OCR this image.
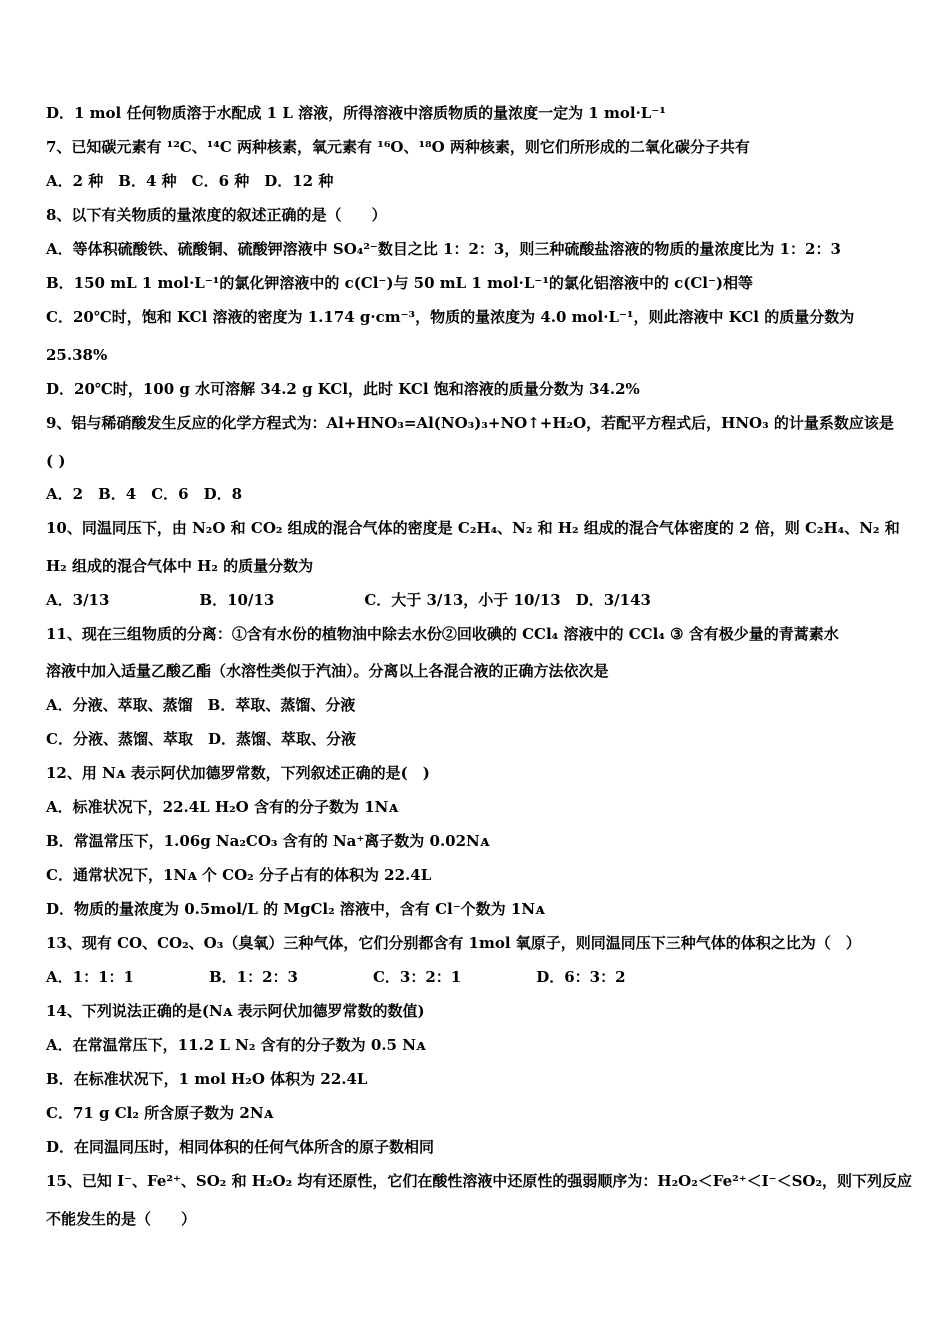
D．1 mol 任何物质溶于水配成 1 L 溶液，所得溶液中溶质物质的量浓度一定为 1 mol·L⁻¹
7、已知碳元素有 ¹²C、¹⁴C 两种核素，氧元素有 ¹⁶O、¹⁸O 两种核素，则它们所形成的二氧化碳分子共有
A．2 种　B．4 种　C．6 种　D．12 种
8、以下有关物质的量浓度的叙述正确的是（　　）
A．等体积硫酸铁、硫酸铜、硫酸钾溶液中 SO₄²⁻数目之比 1：2：3，则三种硫酸盐溶液的物质的量浓度比为 1：2：3
B．150 mL 1 mol·L⁻¹的氯化钾溶液中的 c(Cl⁻)与 50 mL 1 mol·L⁻¹的氯化铝溶液中的 c(Cl⁻)相等
C．20℃时，饱和 KCl 溶液的密度为 1.174 g·cm⁻³，物质的量浓度为 4.0 mol·L⁻¹，则此溶液中 KCl 的质量分数为
25.38%
D．20℃时，100 g 水可溶解 34.2 g KCl，此时 KCl 饱和溶液的质量分数为 34.2%
9、铝与稀硝酸发生反应的化学方程式为：Al+HNO₃=Al(NO₃)₃+NO↑+H₂O，若配平方程式后，HNO₃ 的计量系数应该是
( )
A．2　B．4　C．6　D．8
10、同温同压下，由 N₂O 和 CO₂ 组成的混合气体的密度是 C₂H₄、N₂ 和 H₂ 组成的混合气体密度的 2 倍，则 C₂H₄、N₂ 和
H₂ 组成的混合气体中 H₂ 的质量分数为
A．3/13　　　　　　B．10/13　　　　　　C．大于 3/13，小于 10/13　D．3/143
11、现在三组物质的分离：①含有水份的植物油中除去水份②回收碘的 CCl₄ 溶液中的 CCl₄ ③ 含有极少量的青蒿素水
溶液中加入适量乙酸乙酯（水溶性类似于汽油）。分离以上各混合液的正确方法依次是
A．分液、萃取、蒸馏　B．萃取、蒸馏、分液
C．分液、蒸馏、萃取　D．蒸馏、萃取、分液
12、用 Nᴀ 表示阿伏加德罗常数，下列叙述正确的是(　)
A．标准状况下，22.4L H₂O 含有的分子数为 1Nᴀ
B．常温常压下，1.06g Na₂CO₃ 含有的 Na⁺离子数为 0.02Nᴀ
C．通常状况下，1Nᴀ 个 CO₂ 分子占有的体积为 22.4L
D．物质的量浓度为 0.5mol/L 的 MgCl₂ 溶液中，含有 Cl⁻个数为 1Nᴀ
13、现有 CO、CO₂、O₃（臭氧）三种气体，它们分别都含有 1mol 氧原子，则同温同压下三种气体的体积之比为（　）
A．1：1：1　　　　　B．1：2：3　　　　　C．3：2：1　　　　　D．6：3：2
14、下列说法正确的是(Nᴀ 表示阿伏加德罗常数的数值)
A．在常温常压下，11.2 L N₂ 含有的分子数为 0.5 Nᴀ
B．在标准状况下，1 mol H₂O 体积为 22.4L
C．71 g Cl₂ 所含原子数为 2Nᴀ
D．在同温同压时，相同体积的任何气体所含的原子数相同
15、已知 I⁻、Fe²⁺、SO₂ 和 H₂O₂ 均有还原性，它们在酸性溶液中还原性的强弱顺序为：H₂O₂＜Fe²⁺＜I⁻＜SO₂，则下列反应
不能发生的是（　　）
